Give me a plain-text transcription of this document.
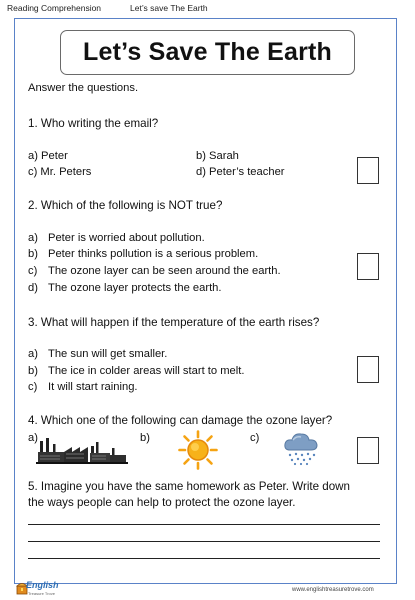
Reading Comprehension	Let’s save The Earth
Let’s Save The Earth
Answer the questions.
1. Who writing the email?
a) Peter	b) Sarah
c) Mr. Peters	d) Peter’s teacher
2. Which of the following is NOT true?
a) Peter is worried about pollution.
b) Peter thinks pollution is a serious problem.
c) The ozone layer can be seen around the earth.
d) The ozone layer protects the earth.
3. What will happen if the temperature of the earth rises?
a) The sun will get smaller.
b) The ice in colder areas will start to melt.
c) It will start raining.
4. Which one of the following can damage the ozone layer?
a)	b)	c)
5. Imagine you have the same homework as Peter. Write down
the ways people can help to protect the ozone layer.
English
Treasure Trove
www.englishtreasuretrove.com
